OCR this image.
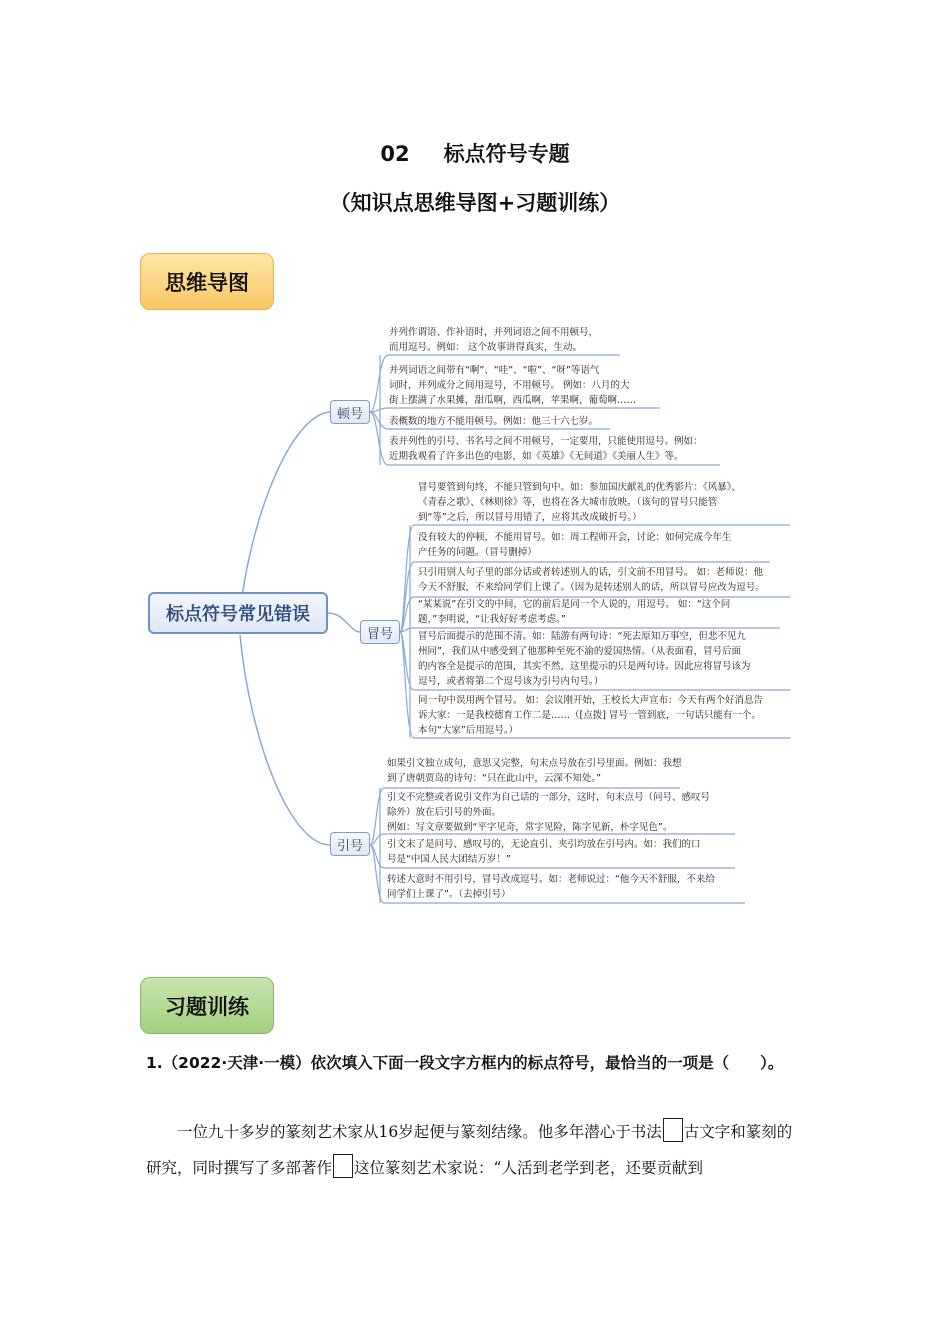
02 标点符号专题
（知识点思维导图+习题训练）
思维导图
标点符号常见错误
顿号
冒号
引号
并列作谓语、作补语时，并列词语之间不用顿号，
而用逗号。例如： 这个故事讲得真实，生动。
并列词语之间带有“啊”、“哇”、“啦”、“呀”等语气
词时，并列成分之间用逗号，不用顿号。 例如：八月的大
街上摆满了水果摊，甜瓜啊，西瓜啊，苹果啊，葡萄啊……
表概数的地方不能用顿号。例如：他三十六七岁。
表并列性的引号、书名号之间不用顿号，一定要用，只能使用逗号。例如：
近期我观看了许多出色的电影，如《英雄》《无间道》《美丽人生》等。
冒号要管到句终，不能只管到句中。如：参加国庆献礼的优秀影片：《风暴》、
《青春之歌》、《林则徐》等，也将在各大城市放映。（该句的冒号只能管
到“等”之后，所以冒号用错了，应将其改成破折号。）
没有较大的停顿，不能用冒号。如：周工程师开会，讨论：如何完成今年生
产任务的问题。（冒号删掉）
只引用别人句子里的部分话或者转述别人的话，引文前不用冒号。 如：老师说：他
今天不舒服，不来给同学们上课了。（因为是转述别人的话，所以冒号应改为逗号。
“某某说”在引文的中间，它的前后是同一个人说的，用逗号。 如：“这个问
题，”李明说，“让我好好考虑考虑。”
冒号后面提示的范围不清。如：陆游有两句诗：“死去原知万事空，但悲不见九
州同”，我们从中感受到了他那种至死不渝的爱国热情。（从表面看，冒号后面
的内容全是提示的范围，其实不然，这里提示的只是两句诗。因此应将冒号该为
逗号，或者将第二个逗号该为引号内句号。）
同一句中误用两个冒号。 如：会议刚开始，王校长大声宣布：今天有两个好消息告
诉大家：一是我校德育工作二是……（[点拨] 冒号一管到底，一句话只能有一个。
本句“大家”后用逗号。）
如果引文独立成句，意思又完整，句末点号放在引号里面。例如：我想
到了唐朝贾岛的诗句：“只在此山中，云深不知处。”
引文不完整或者说引文作为自己话的一部分，这时，句末点号（问号、感叹号
除外）放在后引号的外面。
例如：写文章要做到“平字见奇，常字见险，陈字见新，朴字见色”。
引文末了是问号、感叹号的，无论直引、夹引均放在引号内。如：我们的口
号是“中国人民大团结万岁！”
转述大意时不用引号，冒号改成逗号。如：老师说过：“他今天不舒服，不来给
同学们上课了”。（去掉引号）
习题训练
1.（2022·天津·一模）依次填入下面一段文字方框内的标点符号，最恰当的一项是（　　）。
一位九十多岁的篆刻艺术家从16岁起便与篆刻结缘。他多年潜心于书法 古文字和篆刻的研究，同时撰写了多部著作 这位篆刻艺术家说：“人活到老学到老，还要贡献到
